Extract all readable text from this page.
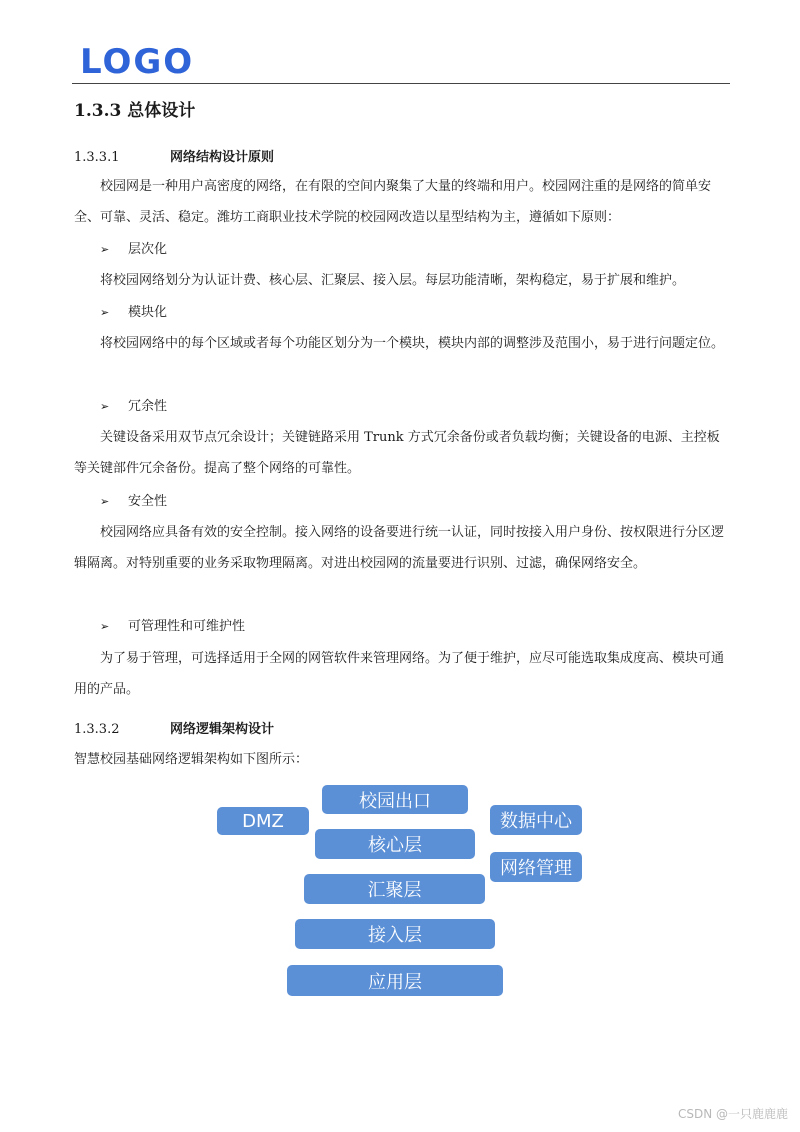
LOGO
1.3.3 总体设计
1.3.3.1	网络结构设计原则
校园网是一种用户高密度的网络，在有限的空间内聚集了大量的终端和用户。校园网注重的是网络的简单安全、可靠、灵活、稳定。潍坊工商职业技术学院的校园网改造以星型结构为主，遵循如下原则：
➢ 层次化
将校园网络划分为认证计费、核心层、汇聚层、接入层。每层功能清晰，架构稳定，易于扩展和维护。
➢ 模块化
将校园网络中的每个区域或者每个功能区划分为一个模块，模块内部的调整涉及范围小，易于进行问题定位。
➢ 冗余性
关键设备采用双节点冗余设计；关键链路采用 Trunk 方式冗余备份或者负载均衡；关键设备的电源、主控板等关键部件冗余备份。提高了整个网络的可靠性。
➢ 安全性
校园网络应具备有效的安全控制。接入网络的设备要进行统一认证，同时按接入用户身份、按权限进行分区逻辑隔离。对特别重要的业务采取物理隔离。对进出校园网的流量要进行识别、过滤，确保网络安全。
➢ 可管理性和可维护性
为了易于管理，可选择适用于全网的网管软件来管理网络。为了便于维护，应尽可能选取集成度高、模块可通用的产品。
1.3.3.2	网络逻辑架构设计
智慧校园基础网络逻辑架构如下图所示：
校园出口
DMZ
核心层
数据中心
网络管理
汇聚层
接入层
应用层
CSDN @一只鹿鹿鹿
